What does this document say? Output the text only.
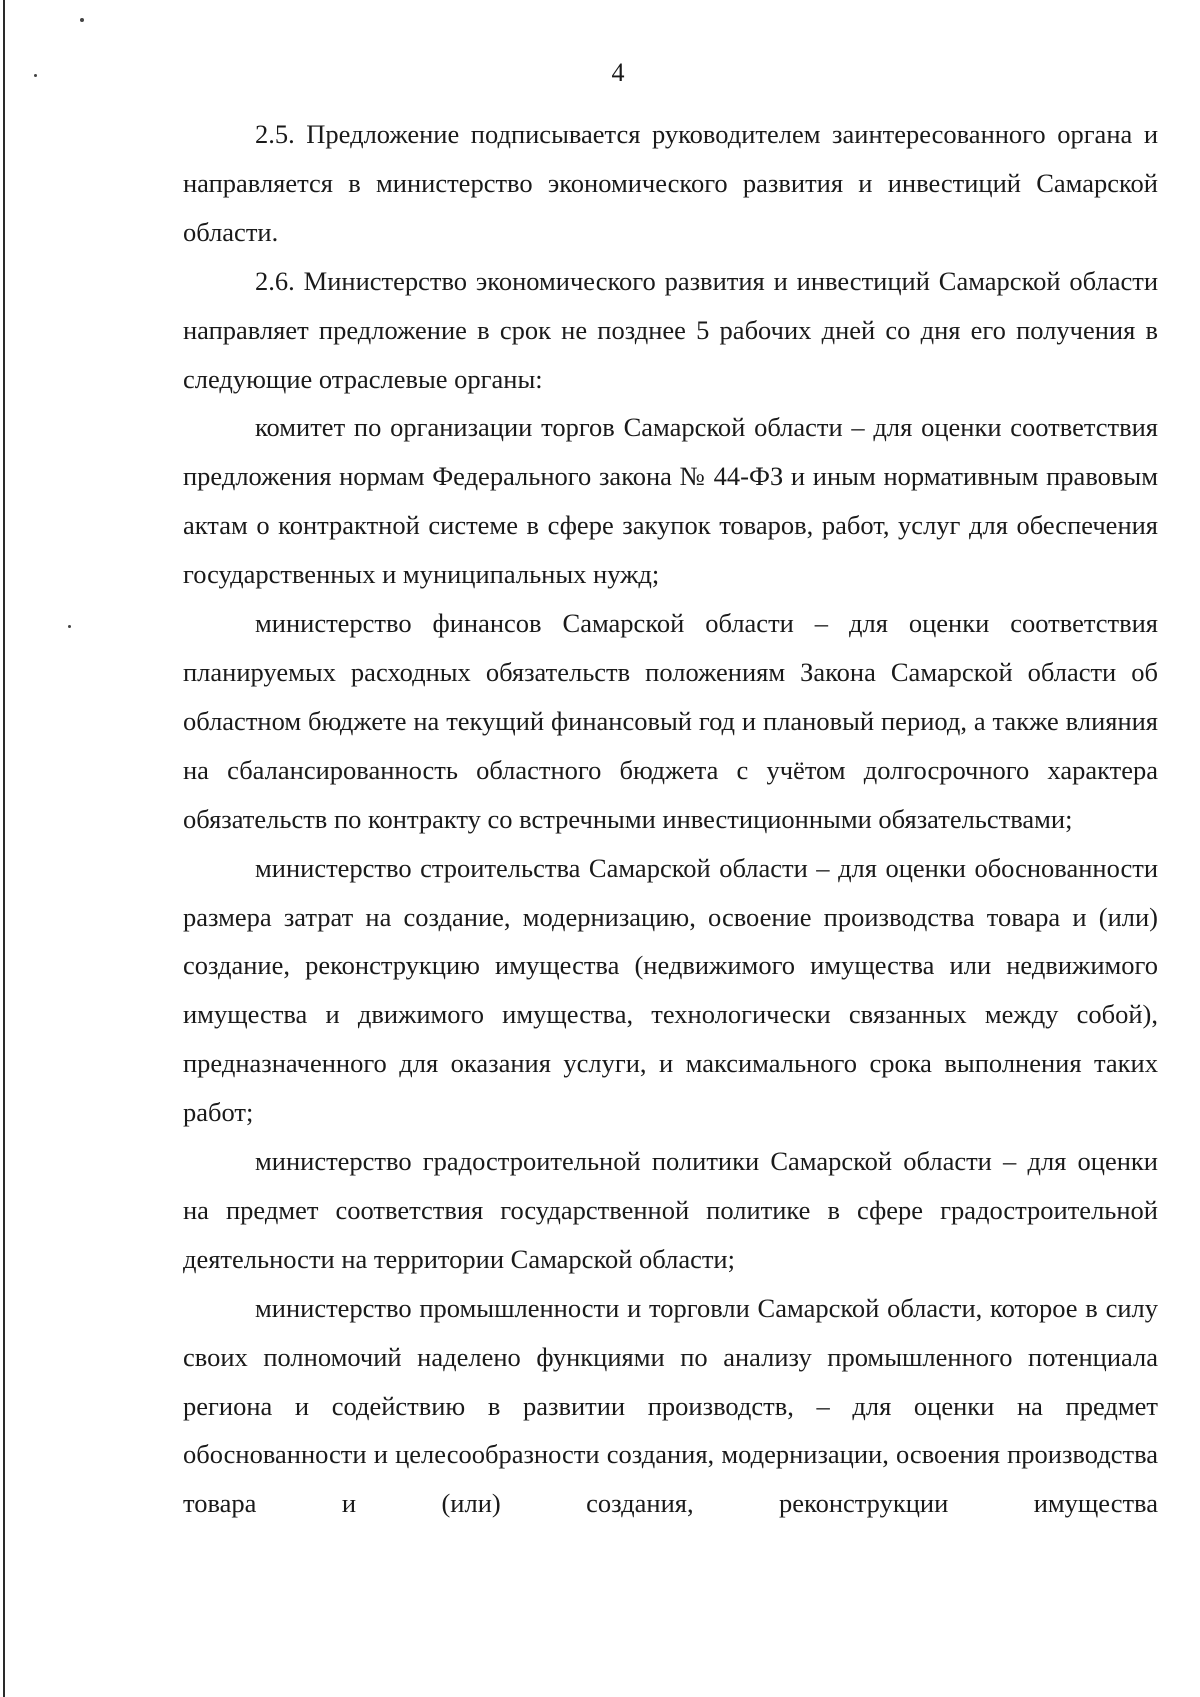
4

2.5. Предложение подписывается руководителем заинтересованного органа и направляется в министерство экономического развития и инвестиций Самарской области.

2.6. Министерство экономического развития и инвестиций Самарской области направляет предложение в срок не позднее 5 рабочих дней со дня его получения в следующие отраслевые органы:

комитет по организации торгов Самарской области – для оценки соответствия предложения нормам Федерального закона № 44-ФЗ и иным нормативным правовым актам о контрактной системе в сфере закупок товаров, работ, услуг для обеспечения государственных и муниципальных нужд;

министерство финансов Самарской области – для оценки соответствия планируемых расходных обязательств положениям Закона Самарской области об областном бюджете на текущий финансовый год и плановый период, а также влияния на сбалансированность областного бюджета с учётом долгосрочного характера обязательств по контракту со встречными инвестиционными обязательствами;

министерство строительства Самарской области – для оценки обоснованности размера затрат на создание, модернизацию, освоение производства товара и (или) создание, реконструкцию имущества (недвижимого имущества или недвижимого имущества и движимого имущества, технологически связанных между собой), предназначенного для оказания услуги, и максимального срока выполнения таких работ;

министерство градостроительной политики Самарской области – для оценки на предмет соответствия государственной политике в сфере градостроительной деятельности на территории Самарской области;

министерство промышленности и торговли Самарской области, которое в силу своих полномочий наделено функциями по анализу промышленного потенциала региона и содействию в развитии производств, – для оценки на предмет обоснованности и целесообразности создания, модернизации, освоения производства товара и (или) создания, реконструкции имущества
